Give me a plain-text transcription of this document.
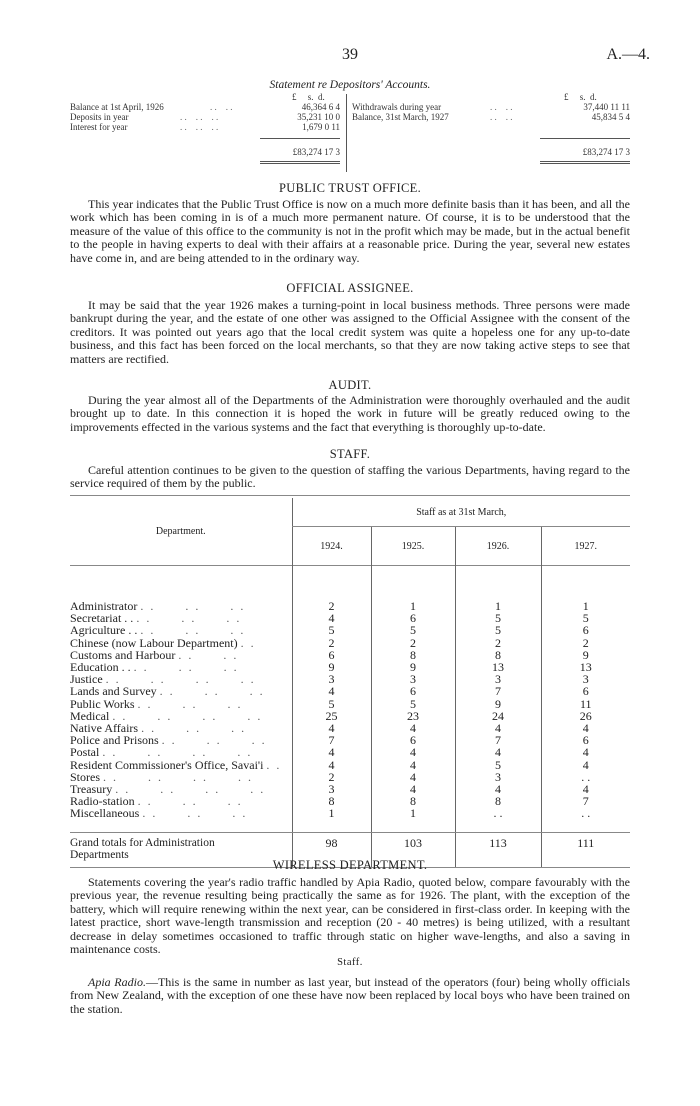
39	A.—4.
Statement re Depositors' Accounts.
£     s.  d.	£     s.  d.
Balance at 1st April, 1926	. .    . .	46,364 6 4
Deposits in year	. .    . .    . .	35,231 10 0
Interest for year	. .    . .    . .	1,679 0 11
Withdrawals during year	. .    . .	37,440 11 11
Balance, 31st March, 1927	. .    . .	45,834 5 4
£83,274 17 3	£83,274 17 3
PUBLIC TRUST OFFICE.

This year indicates that the Public Trust Office is now on a much more definite basis than it has been, and all the work which has been coming in is of a much more permanent nature. Of course, it is to be understood that the measure of the value of this office to the community is not in the profit which may be made, but in the actual benefit to the people in having experts to deal with their affairs at a reasonable price. During the year, several new estates have come in, and are being attended to in the ordinary way.

OFFICIAL ASSIGNEE.

It may be said that the year 1926 makes a turning-point in local business methods. Three persons were made bankrupt during the year, and the estate of one other was assigned to the Official Assignee with the consent of the creditors. It was pointed out years ago that the local credit system was quite a hopeless one for any up-to-date business, and this fact has been forced on the local merchants, so that they are now taking active steps to see that matters are rectified.

AUDIT.

During the year almost all of the Departments of the Administration were thoroughly overhauled and the audit brought up to date. In this connection it is hoped the work in future will be greatly reduced owing to the improvements effected in the various systems and the fact that everything is thoroughly up-to-date.

STAFF.

Careful attention continues to be given to the question of staffing the various Departments, having regard to the service required of them by the public.

Department.	Staff as at 31st March,			
	1924.	1925.	1926.	1927.

Administrator . .      . .      . .	2	1	1	1
Secretariat . . . .      . .      . .	4	6	5	5
Agriculture . . . .      . .      . .	5	5	5	6
Chinese (now Labour Department) . .	2	2	2	2
Customs and Harbour . .      . .	6	8	8	9
Education . . . .      . .      . .	9	9	13	13
Justice . .      . .      . .      . .	3	3	3	3
Lands and Survey . .      . .      . .	4	6	7	6
Public Works . .      . .      . .	5	5	9	11
Medical . .      . .      . .      . .	25	23	24	26
Native Affairs . .      . .      . .	4	4	4	4
Police and Prisons . .      . .      . .	7	6	7	6
Postal . .      . .      . .      . .	4	4	4	4
Resident Commissioner's Office, Savai'i . .	4	4	5	4
Stores . .      . .      . .      . .	2	4	3	. .
Treasury . .      . .      . .      . .	3	4	4	4
Radio-station . .      . .      . .	8	8	8	7
Miscellaneous . .      . .      . .	1	1	. .	. .

Grand totals for Administration Departments	98	103	113	111

WIRELESS DEPARTMENT.

Statements covering the year's radio traffic handled by Apia Radio, quoted below, compare favourably with the previous year, the revenue resulting being practically the same as for 1926. The plant, with the exception of the battery, which will require renewing within the next year, can be considered in first-class order. In keeping with the latest practice, short wave-length transmission and reception (20 - 40 metres) is being utilized, with a resultant decrease in delay sometimes occasioned to traffic through static on higher wave-lengths, and also a saving in maintenance costs.

Staff.

Apia Radio.—This is the same in number as last year, but instead of the operators (four) being wholly officials from New Zealand, with the exception of one these have now been replaced by local boys who have been trained on the station.
